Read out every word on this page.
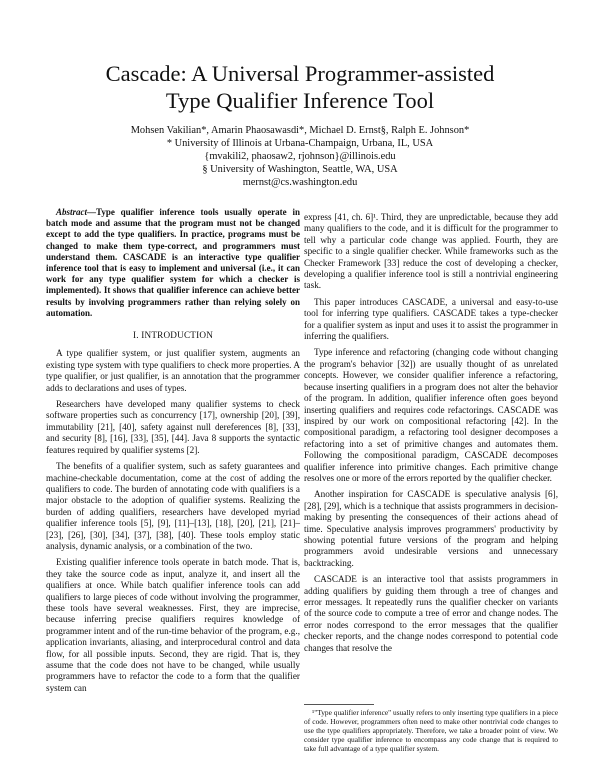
Cascade: A Universal Programmer-assisted
Type Qualifier Inference Tool
Mohsen Vakilian*, Amarin Phaosawasdi*, Michael D. Ernst§, Ralph E. Johnson*
* University of Illinois at Urbana-Champaign, Urbana, IL, USA
{mvakili2, phaosaw2, rjohnson}@illinois.edu
§ University of Washington, Seattle, WA, USA
mernst@cs.washington.edu

Abstract—Type qualifier inference tools usually operate in batch mode and assume that the program must not be changed except to add the type qualifiers. In practice, programs must be changed to make them type-correct, and programmers must understand them. CASCADE is an interactive type qualifier inference tool that is easy to implement and universal (i.e., it can work for any type qualifier system for which a checker is implemented). It shows that qualifier inference can achieve better results by involving programmers rather than relying solely on automation.

I. INTRODUCTION

A type qualifier system, or just qualifier system, augments an existing type system with type qualifiers to check more properties. A type qualifier, or just qualifier, is an annotation that the programmer adds to declarations and uses of types.

Researchers have developed many qualifier systems to check software properties such as concurrency [17], ownership [20], [39], immutability [21], [40], safety against null dereferences [8], [33], and security [8], [16], [33], [35], [44]. Java 8 supports the syntactic features required by qualifier systems [2].

The benefits of a qualifier system, such as safety guarantees and machine-checkable documentation, come at the cost of adding the qualifiers to code. The burden of annotating code with qualifiers is a major obstacle to the adoption of qualifier systems. Realizing the burden of adding qualifiers, researchers have developed myriad qualifier inference tools [5], [9], [11]–[13], [18], [20], [21], [21]–[23], [26], [30], [34], [37], [38], [40]. These tools employ static analysis, dynamic analysis, or a combination of the two.

Existing qualifier inference tools operate in batch mode. That is, they take the source code as input, analyze it, and insert all the qualifiers at once. While batch qualifier inference tools can add qualifiers to large pieces of code without involving the programmer, these tools have several weaknesses. First, they are imprecise, because inferring precise qualifiers requires knowledge of programmer intent and of the run-time behavior of the program, e.g., application invariants, aliasing, and interprocedural control and data flow, for all possible inputs. Second, they are rigid. That is, they assume that the code does not have to be changed, while usually programmers have to refactor the code to a form that the qualifier system can

express [41, ch. 6]¹. Third, they are unpredictable, because they add many qualifiers to the code, and it is difficult for the programmer to tell why a particular code change was applied. Fourth, they are specific to a single qualifier checker. While frameworks such as the Checker Framework [33] reduce the cost of developing a checker, developing a qualifier inference tool is still a nontrivial engineering task.

This paper introduces CASCADE, a universal and easy-to-use tool for inferring type qualifiers. CASCADE takes a type-checker for a qualifier system as input and uses it to assist the programmer in inferring the qualifiers.

Type inference and refactoring (changing code without changing the program's behavior [32]) are usually thought of as unrelated concepts. However, we consider qualifier inference a refactoring, because inserting qualifiers in a program does not alter the behavior of the program. In addition, qualifier inference often goes beyond inserting qualifiers and requires code refactorings. CASCADE was inspired by our work on compositional refactoring [42]. In the compositional paradigm, a refactoring tool designer decomposes a refactoring into a set of primitive changes and automates them. Following the compositional paradigm, CASCADE decomposes qualifier inference into primitive changes. Each primitive change resolves one or more of the errors reported by the qualifier checker.

Another inspiration for CASCADE is speculative analysis [6], [28], [29], which is a technique that assists programmers in decision-making by presenting the consequences of their actions ahead of time. Speculative analysis improves programmers' productivity by showing potential future versions of the program and helping programmers avoid undesirable versions and unnecessary backtracking.

CASCADE is an interactive tool that assists programmers in adding qualifiers by guiding them through a tree of changes and error messages. It repeatedly runs the qualifier checker on variants of the source code to compute a tree of error and change nodes. The error nodes correspond to the error messages that the qualifier checker reports, and the change nodes correspond to potential code changes that resolve the

¹"Type qualifier inference" usually refers to only inserting type qualifiers in a piece of code. However, programmers often need to make other nontrivial code changes to use the type qualifiers appropriately. Therefore, we take a broader point of view. We consider type qualifier inference to encompass any code change that is required to take full advantage of a type qualifier system.
